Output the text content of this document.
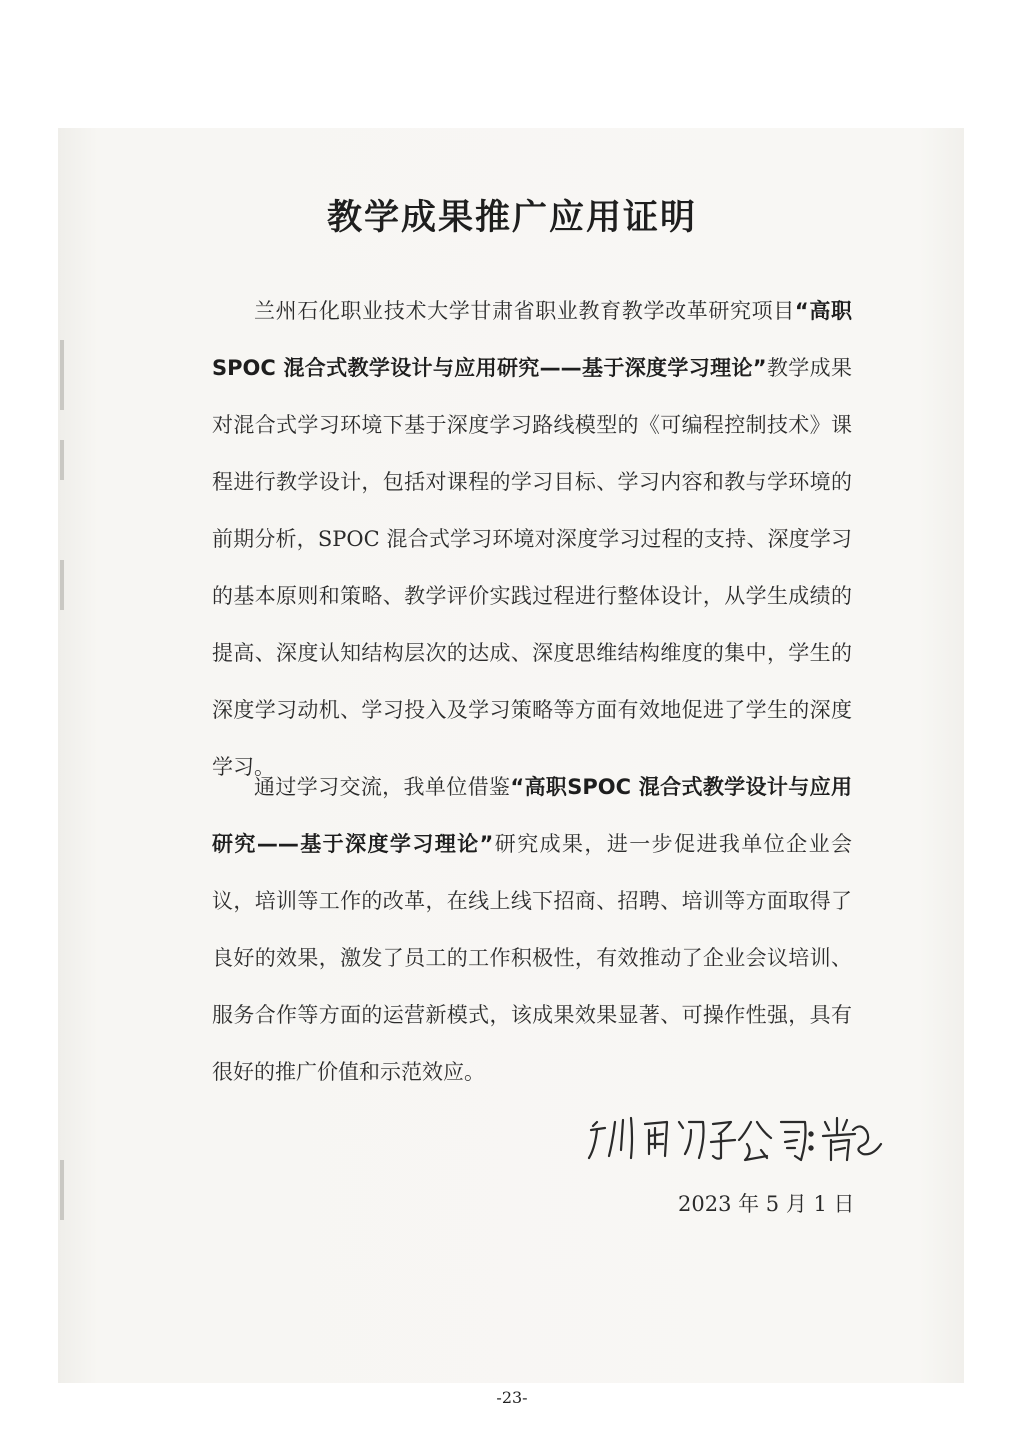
教学成果推广应用证明

兰州石化职业技术大学甘肃省职业教育教学改革研究项目“高职SPOC 混合式教学设计与应用研究——基于深度学习理论”教学成果对混合式学习环境下基于深度学习路线模型的《可编程控制技术》课程进行教学设计，包括对课程的学习目标、学习内容和教与学环境的前期分析，SPOC 混合式学习环境对深度学习过程的支持、深度学习的基本原则和策略、教学评价实践过程进行整体设计，从学生成绩的提高、深度认知结构层次的达成、深度思维结构维度的集中，学生的深度学习动机、学习投入及学习策略等方面有效地促进了学生的深度学习。

通过学习交流，我单位借鉴“高职SPOC 混合式教学设计与应用研究——基于深度学习理论”研究成果，进一步促进我单位企业会议，培训等工作的改革，在线上线下招商、招聘、培训等方面取得了良好的效果，激发了员工的工作积极性，有效推动了企业会议培训、服务合作等方面的运营新模式，该成果效果显著、可操作性强，具有很好的推广价值和示范效应。

2023 年 5 月 1 日

-23-
